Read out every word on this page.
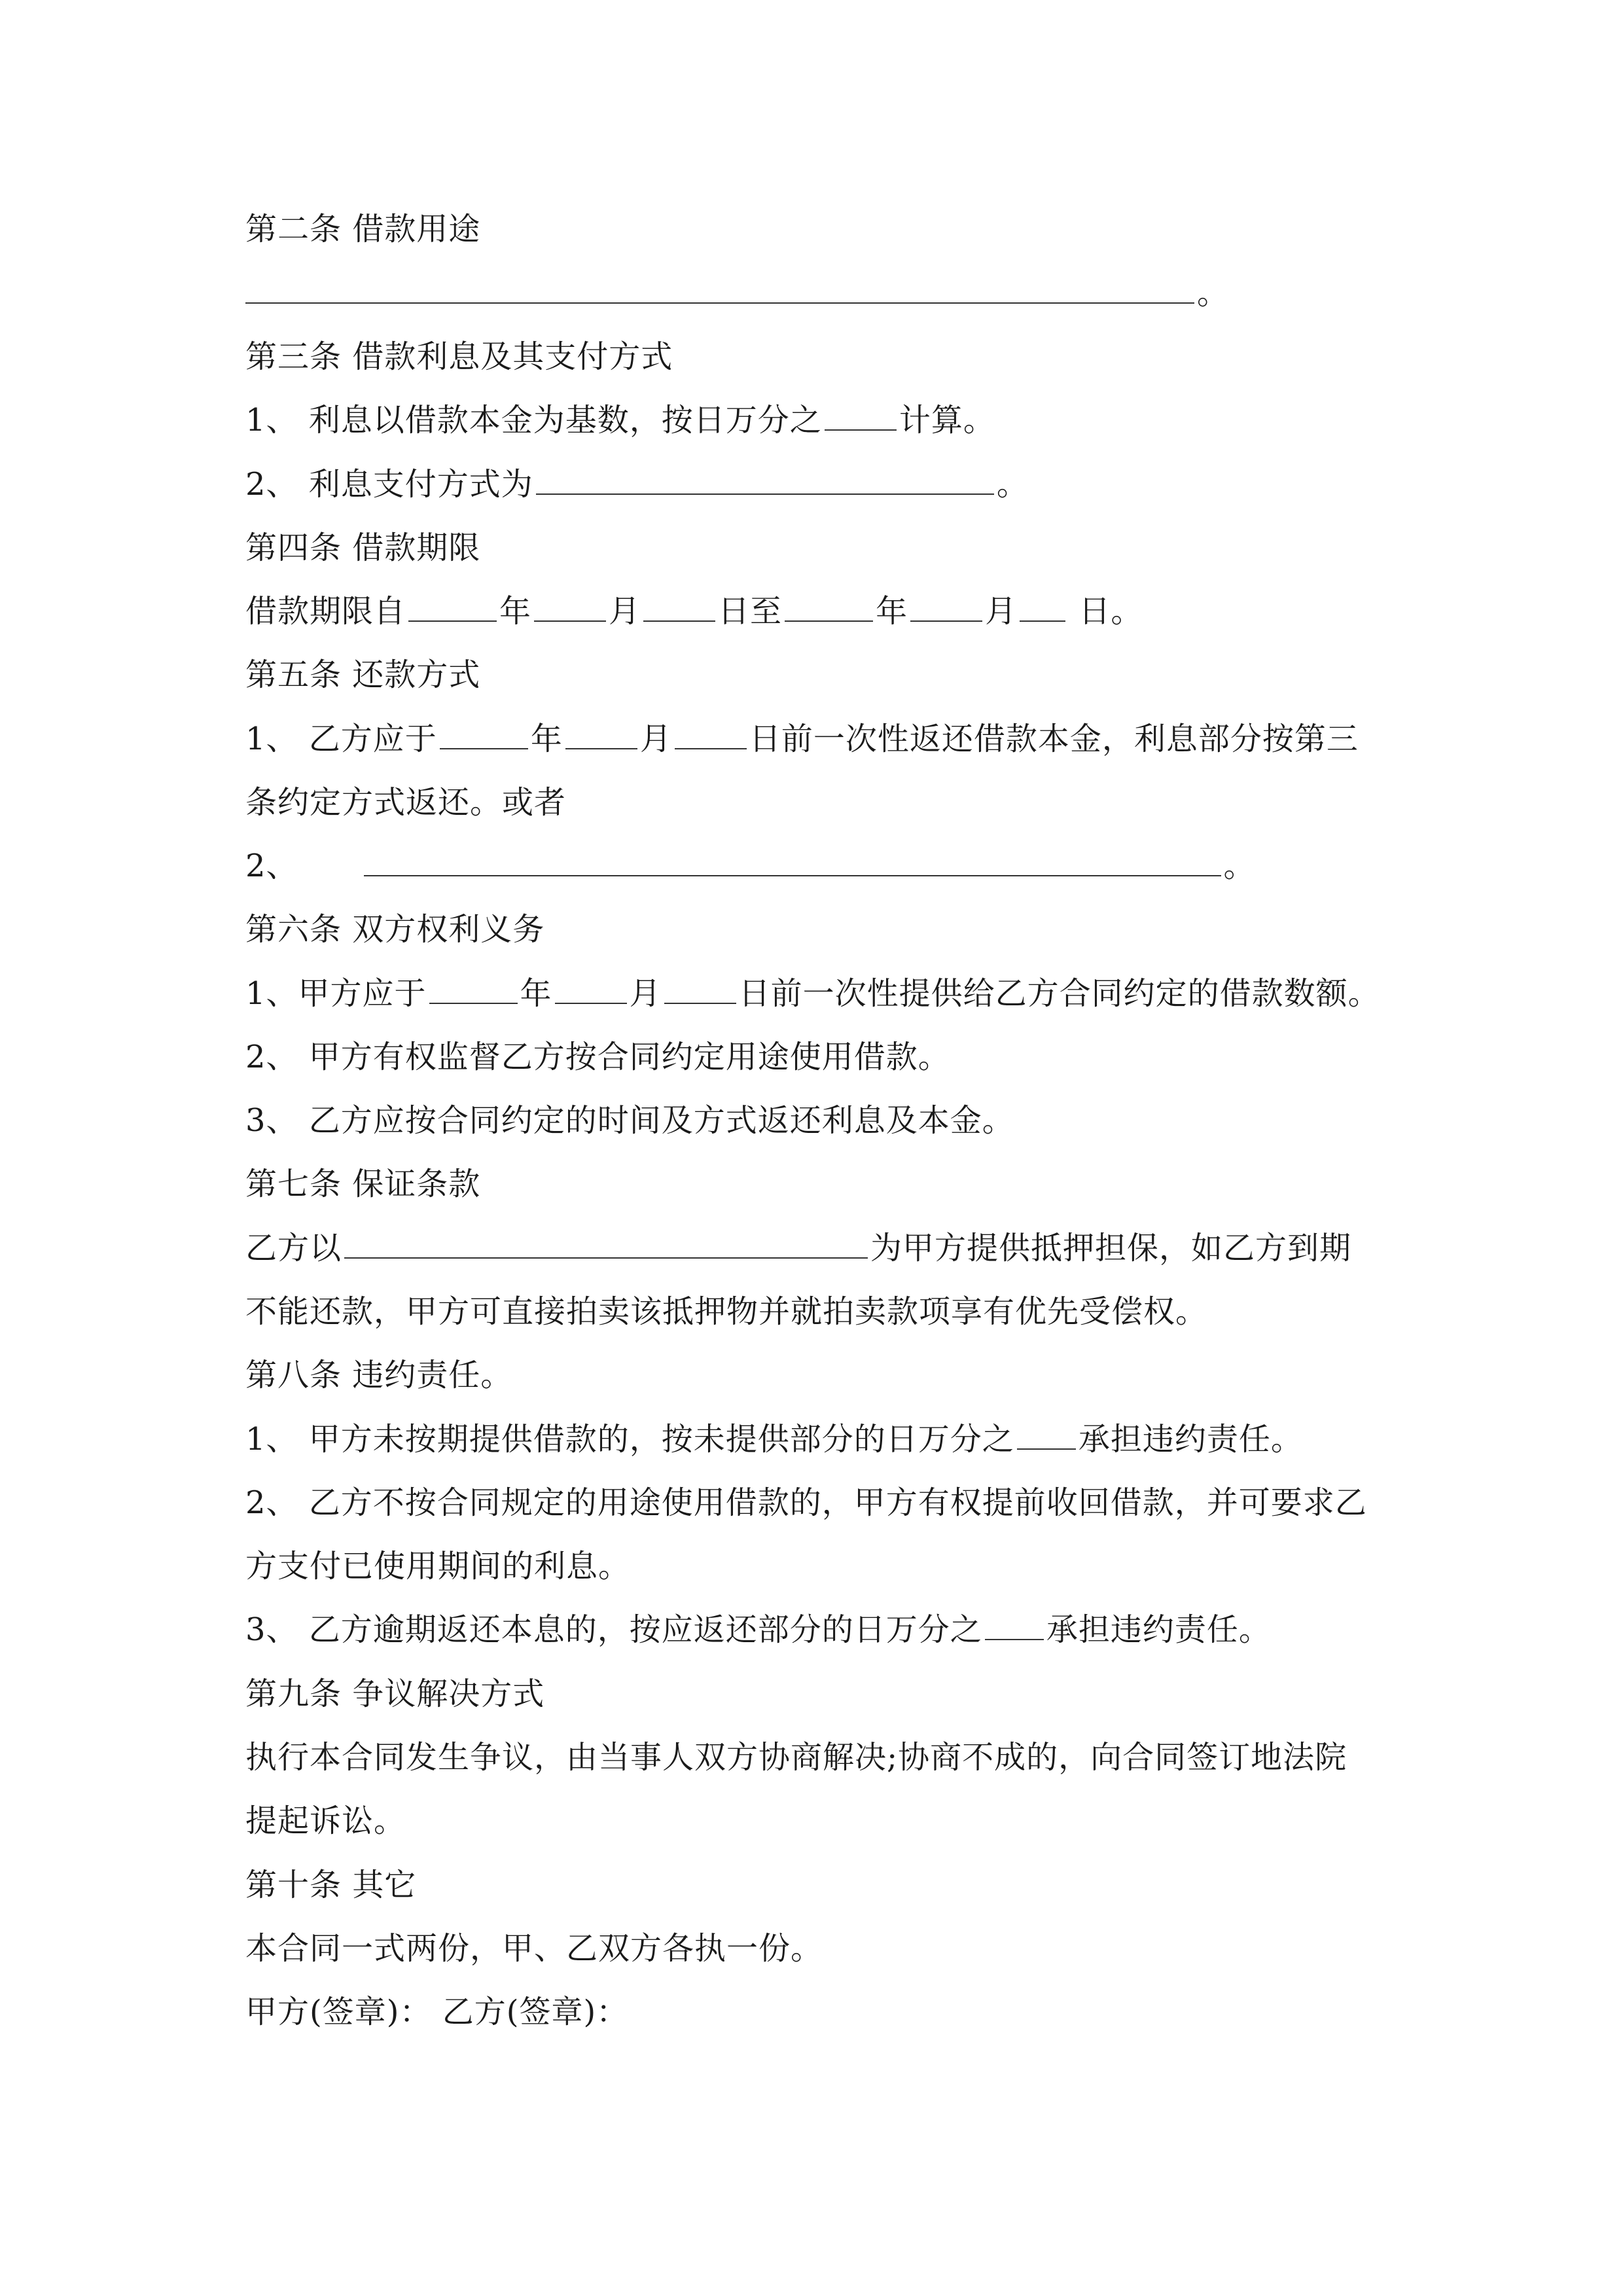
第二条 借款用途
。
第三条 借款利息及其支付方式
1、 利息以借款本金为基数，按日万分之 计算。
2、 利息支付方式为	。
第四条 借款期限
借款期限自	年 月 日至	年 月 日。
第五条 还款方式
1、 乙方应于	年 月 日前一次性返还借款本金，利息部分按第三
条约定方式返还。或者
2、	。
第六条 双方权利义务
1、甲方应于	年 月 日前一次性提供给乙方合同约定的借款数额。
2、 甲方有权监督乙方按合同约定用途使用借款。
3、 乙方应按合同约定的时间及方式返还利息及本金。
第七条 保证条款
乙方以	为甲方提供抵押担保，如乙方到期
不能还款，甲方可直接拍卖该抵押物并就拍卖款项享有优先受偿权。
第八条 违约责任。
1、 甲方未按期提供借款的，按未提供部分的日万分之 承担违约责任。
2、 乙方不按合同规定的用途使用借款的，甲方有权提前收回借款，并可要求乙
方支付已使用期间的利息。
3、 乙方逾期返还本息的，按应返还部分的日万分之 承担违约责任。
第九条 争议解决方式
执行本合同发生争议，由当事人双方协商解决;协商不成的，向合同签订地法院
提起诉讼。
第十条 其它
本合同一式两份，甲、乙双方各执一份。
甲方(签章)： 乙方(签章)：
